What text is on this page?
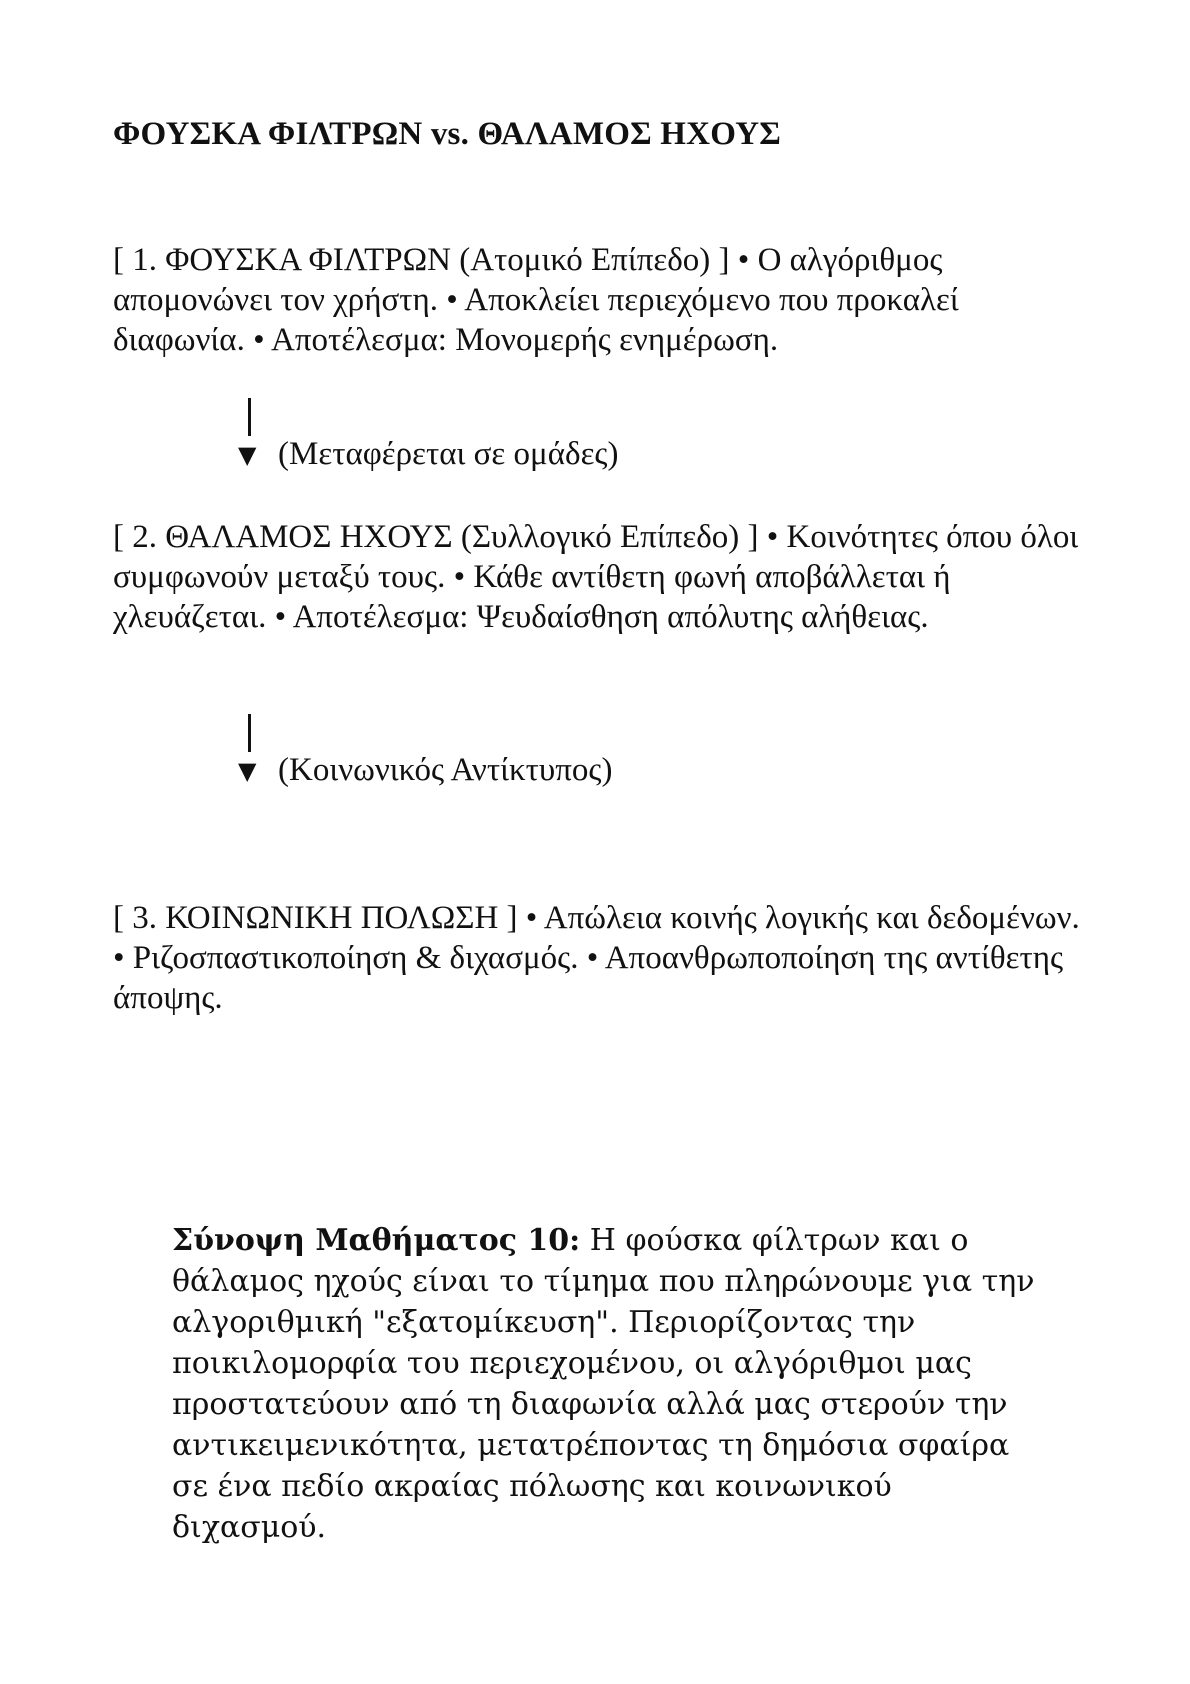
ΦΟΥΣΚΑ ΦΙΛΤΡΩΝ vs. ΘΑΛΑΜΟΣ ΗΧΟΥΣ

[ 1. ΦΟΥΣΚΑ ΦΙΛΤΡΩΝ (Ατομικό Επίπεδο) ] • Ο αλγόριθμος απομονώνει τον χρήστη. • Αποκλείει περιεχόμενο που προκαλεί διαφωνία. • Αποτέλεσμα: Μονομερής ενημέρωση.

▼ (Μεταφέρεται σε ομάδες)

[ 2. ΘΑΛΑΜΟΣ ΗΧΟΥΣ (Συλλογικό Επίπεδο) ] • Κοινότητες όπου όλοι συμφωνούν μεταξύ τους. • Κάθε αντίθετη φωνή αποβάλλεται ή χλευάζεται. • Αποτέλεσμα: Ψευδαίσθηση απόλυτης αλήθειας.

▼ (Κοινωνικός Αντίκτυπος)

[ 3. ΚΟΙΝΩΝΙΚΗ ΠΟΛΩΣΗ ] • Απώλεια κοινής λογικής και δεδομένων. • Ριζοσπαστικοποίηση & διχασμός. • Αποανθρωποποίηση της αντίθετης άποψης.

Σύνοψη Μαθήματος 10: Η φούσκα φίλτρων και ο θάλαμος ηχούς είναι το τίμημα που πληρώνουμε για την αλγοριθμική "εξατομίκευση". Περιορίζοντας την ποικιλομορφία του περιεχομένου, οι αλγόριθμοι μας προστατεύουν από τη διαφωνία αλλά μας στερούν την αντικειμενικότητα, μετατρέποντας τη δημόσια σφαίρα σε ένα πεδίο ακραίας πόλωσης και κοινωνικού διχασμού.
